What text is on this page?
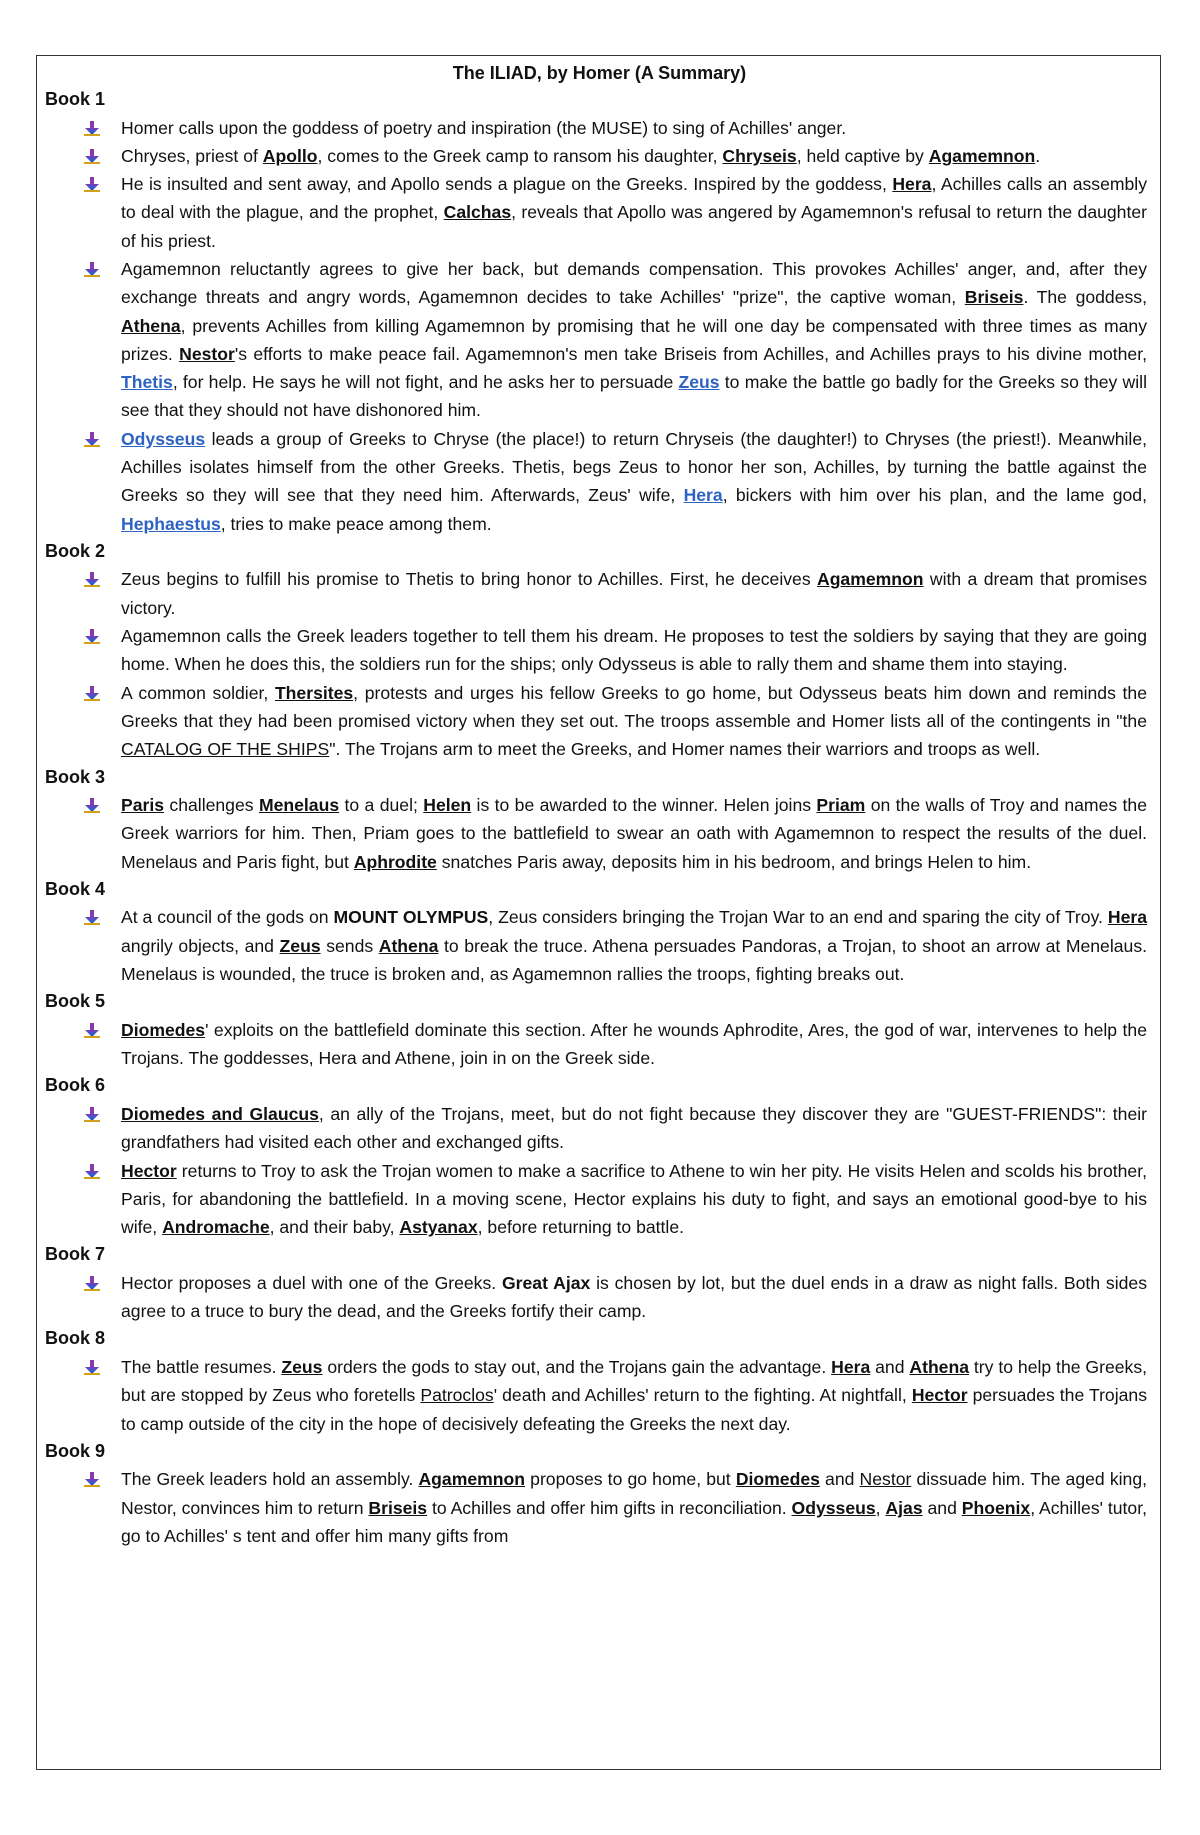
The ILIAD, by Homer (A Summary)
Book 1
Homer calls upon the goddess of poetry and inspiration (the MUSE) to sing of Achilles' anger.
Chryses, priest of Apollo, comes to the Greek camp to ransom his daughter, Chryseis, held captive by Agamemnon.
He is insulted and sent away, and Apollo sends a plague on the Greeks. Inspired by the goddess, Hera, Achilles calls an assembly to deal with the plague, and the prophet, Calchas, reveals that Apollo was angered by Agamemnon's refusal to return the daughter of his priest.
Agamemnon reluctantly agrees to give her back, but demands compensation. This provokes Achilles' anger, and, after they exchange threats and angry words, Agamemnon decides to take Achilles' "prize", the captive woman, Briseis. The goddess, Athena, prevents Achilles from killing Agamemnon by promising that he will one day be compensated with three times as many prizes. Nestor's efforts to make peace fail. Agamemnon's men take Briseis from Achilles, and Achilles prays to his divine mother, Thetis, for help. He says he will not fight, and he asks her to persuade Zeus to make the battle go badly for the Greeks so they will see that they should not have dishonored him.
Odysseus leads a group of Greeks to Chryse (the place!) to return Chryseis (the daughter!) to Chryses (the priest!). Meanwhile, Achilles isolates himself from the other Greeks. Thetis, begs Zeus to honor her son, Achilles, by turning the battle against the Greeks so they will see that they need him. Afterwards, Zeus' wife, Hera, bickers with him over his plan, and the lame god, Hephaestus, tries to make peace among them.
Book 2
Zeus begins to fulfill his promise to Thetis to bring honor to Achilles. First, he deceives Agamemnon with a dream that promises victory.
Agamemnon calls the Greek leaders together to tell them his dream. He proposes to test the soldiers by saying that they are going home. When he does this, the soldiers run for the ships; only Odysseus is able to rally them and shame them into staying.
A common soldier, Thersites, protests and urges his fellow Greeks to go home, but Odysseus beats him down and reminds the Greeks that they had been promised victory when they set out. The troops assemble and Homer lists all of the contingents in "the CATALOG OF THE SHIPS". The Trojans arm to meet the Greeks, and Homer names their warriors and troops as well.
Book 3
Paris challenges Menelaus to a duel; Helen is to be awarded to the winner. Helen joins Priam on the walls of Troy and names the Greek warriors for him. Then, Priam goes to the battlefield to swear an oath with Agamemnon to respect the results of the duel. Menelaus and Paris fight, but Aphrodite snatches Paris away, deposits him in his bedroom, and brings Helen to him.
Book 4
At a council of the gods on MOUNT OLYMPUS, Zeus considers bringing the Trojan War to an end and sparing the city of Troy. Hera angrily objects, and Zeus sends Athena to break the truce. Athena persuades Pandoras, a Trojan, to shoot an arrow at Menelaus. Menelaus is wounded, the truce is broken and, as Agamemnon rallies the troops, fighting breaks out.
Book 5
Diomedes' exploits on the battlefield dominate this section. After he wounds Aphrodite, Ares, the god of war, intervenes to help the Trojans. The goddesses, Hera and Athene, join in on the Greek side.
Book 6
Diomedes and Glaucus, an ally of the Trojans, meet, but do not fight because they discover they are "GUEST-FRIENDS": their grandfathers had visited each other and exchanged gifts.
Hector returns to Troy to ask the Trojan women to make a sacrifice to Athene to win her pity. He visits Helen and scolds his brother, Paris, for abandoning the battlefield. In a moving scene, Hector explains his duty to fight, and says an emotional good-bye to his wife, Andromache, and their baby, Astyanax, before returning to battle.
Book 7
Hector proposes a duel with one of the Greeks. Great Ajax is chosen by lot, but the duel ends in a draw as night falls. Both sides agree to a truce to bury the dead, and the Greeks fortify their camp.
Book 8
The battle resumes. Zeus orders the gods to stay out, and the Trojans gain the advantage. Hera and Athena try to help the Greeks, but are stopped by Zeus who foretells Patroclos' death and Achilles' return to the fighting. At nightfall, Hector persuades the Trojans to camp outside of the city in the hope of decisively defeating the Greeks the next day.
Book 9
The Greek leaders hold an assembly. Agamemnon proposes to go home, but Diomedes and Nestor dissuade him. The aged king, Nestor, convinces him to return Briseis to Achilles and offer him gifts in reconciliation. Odysseus, Ajas and Phoenix, Achilles' tutor, go to Achilles' s tent and offer him many gifts from
